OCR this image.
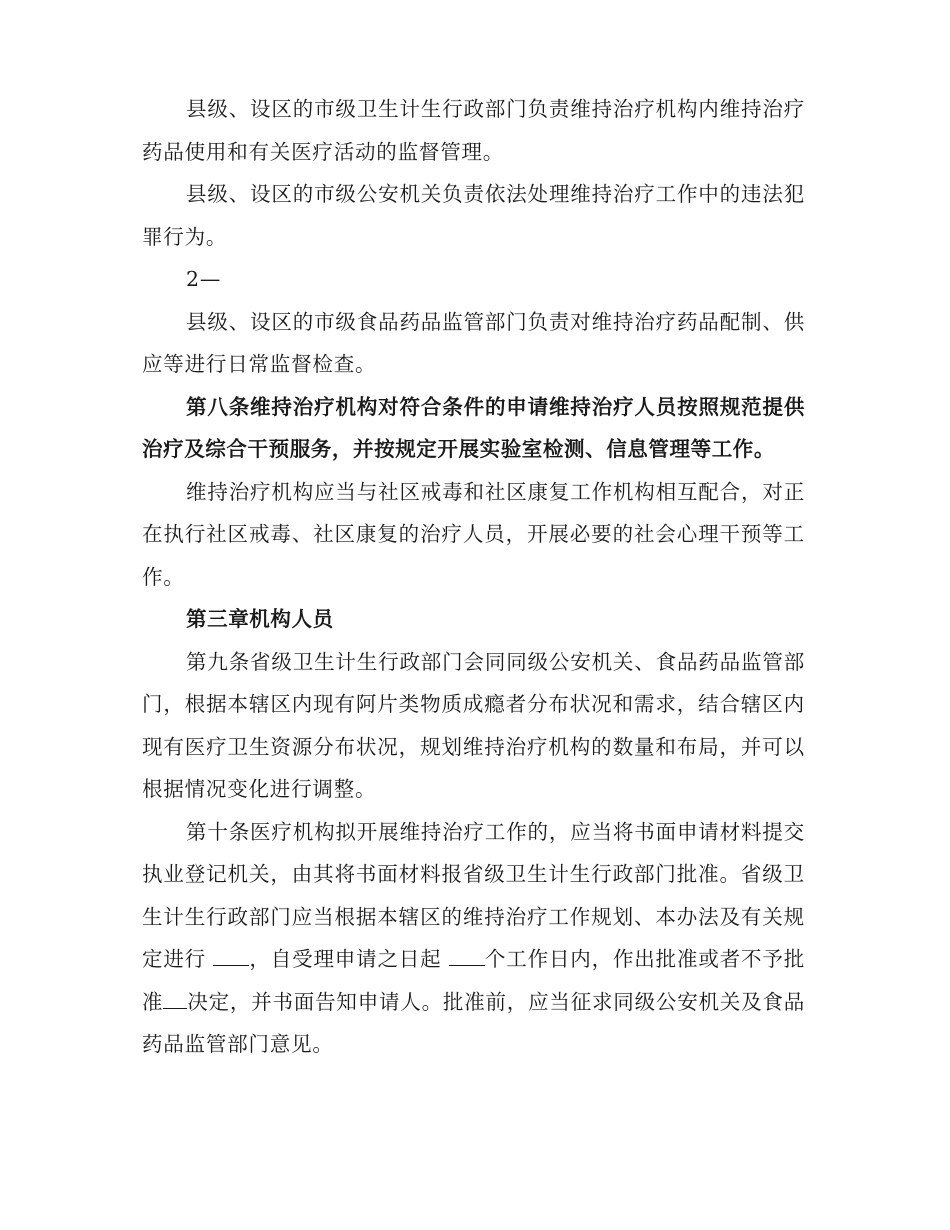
县级、设区的市级卫生计生行政部门负责维持治疗机构内维持治疗药品使用和有关医疗活动的监督管理。

县级、设区的市级公安机关负责依法处理维持治疗工作中的违法犯罪行为。

2—

县级、设区的市级食品药品监管部门负责对维持治疗药品配制、供应等进行日常监督检查。

第八条维持治疗机构对符合条件的申请维持治疗人员按照规范提供治疗及综合干预服务，并按规定开展实验室检测、信息管理等工作。

维持治疗机构应当与社区戒毒和社区康复工作机构相互配合，对正在执行社区戒毒、社区康复的治疗人员，开展必要的社会心理干预等工作。

第三章机构人员

第九条省级卫生计生行政部门会同同级公安机关、食品药品监管部门，根据本辖区内现有阿片类物质成瘾者分布状况和需求，结合辖区内现有医疗卫生资源分布状况，规划维持治疗机构的数量和布局，并可以根据情况变化进行调整。

第十条医疗机构拟开展维持治疗工作的，应当将书面申请材料提交执业登记机关，由其将书面材料报省级卫生计生行政部门批准。省级卫生计生行政部门应当根据本辖区的维持治疗工作规划、本办法及有关规定进行 ，自受理申请之日起 个工作日内，作出批准或者不予批准 决定，并书面告知申请人。批准前，应当征求同级公安机关及食品药品监管部门意见。
